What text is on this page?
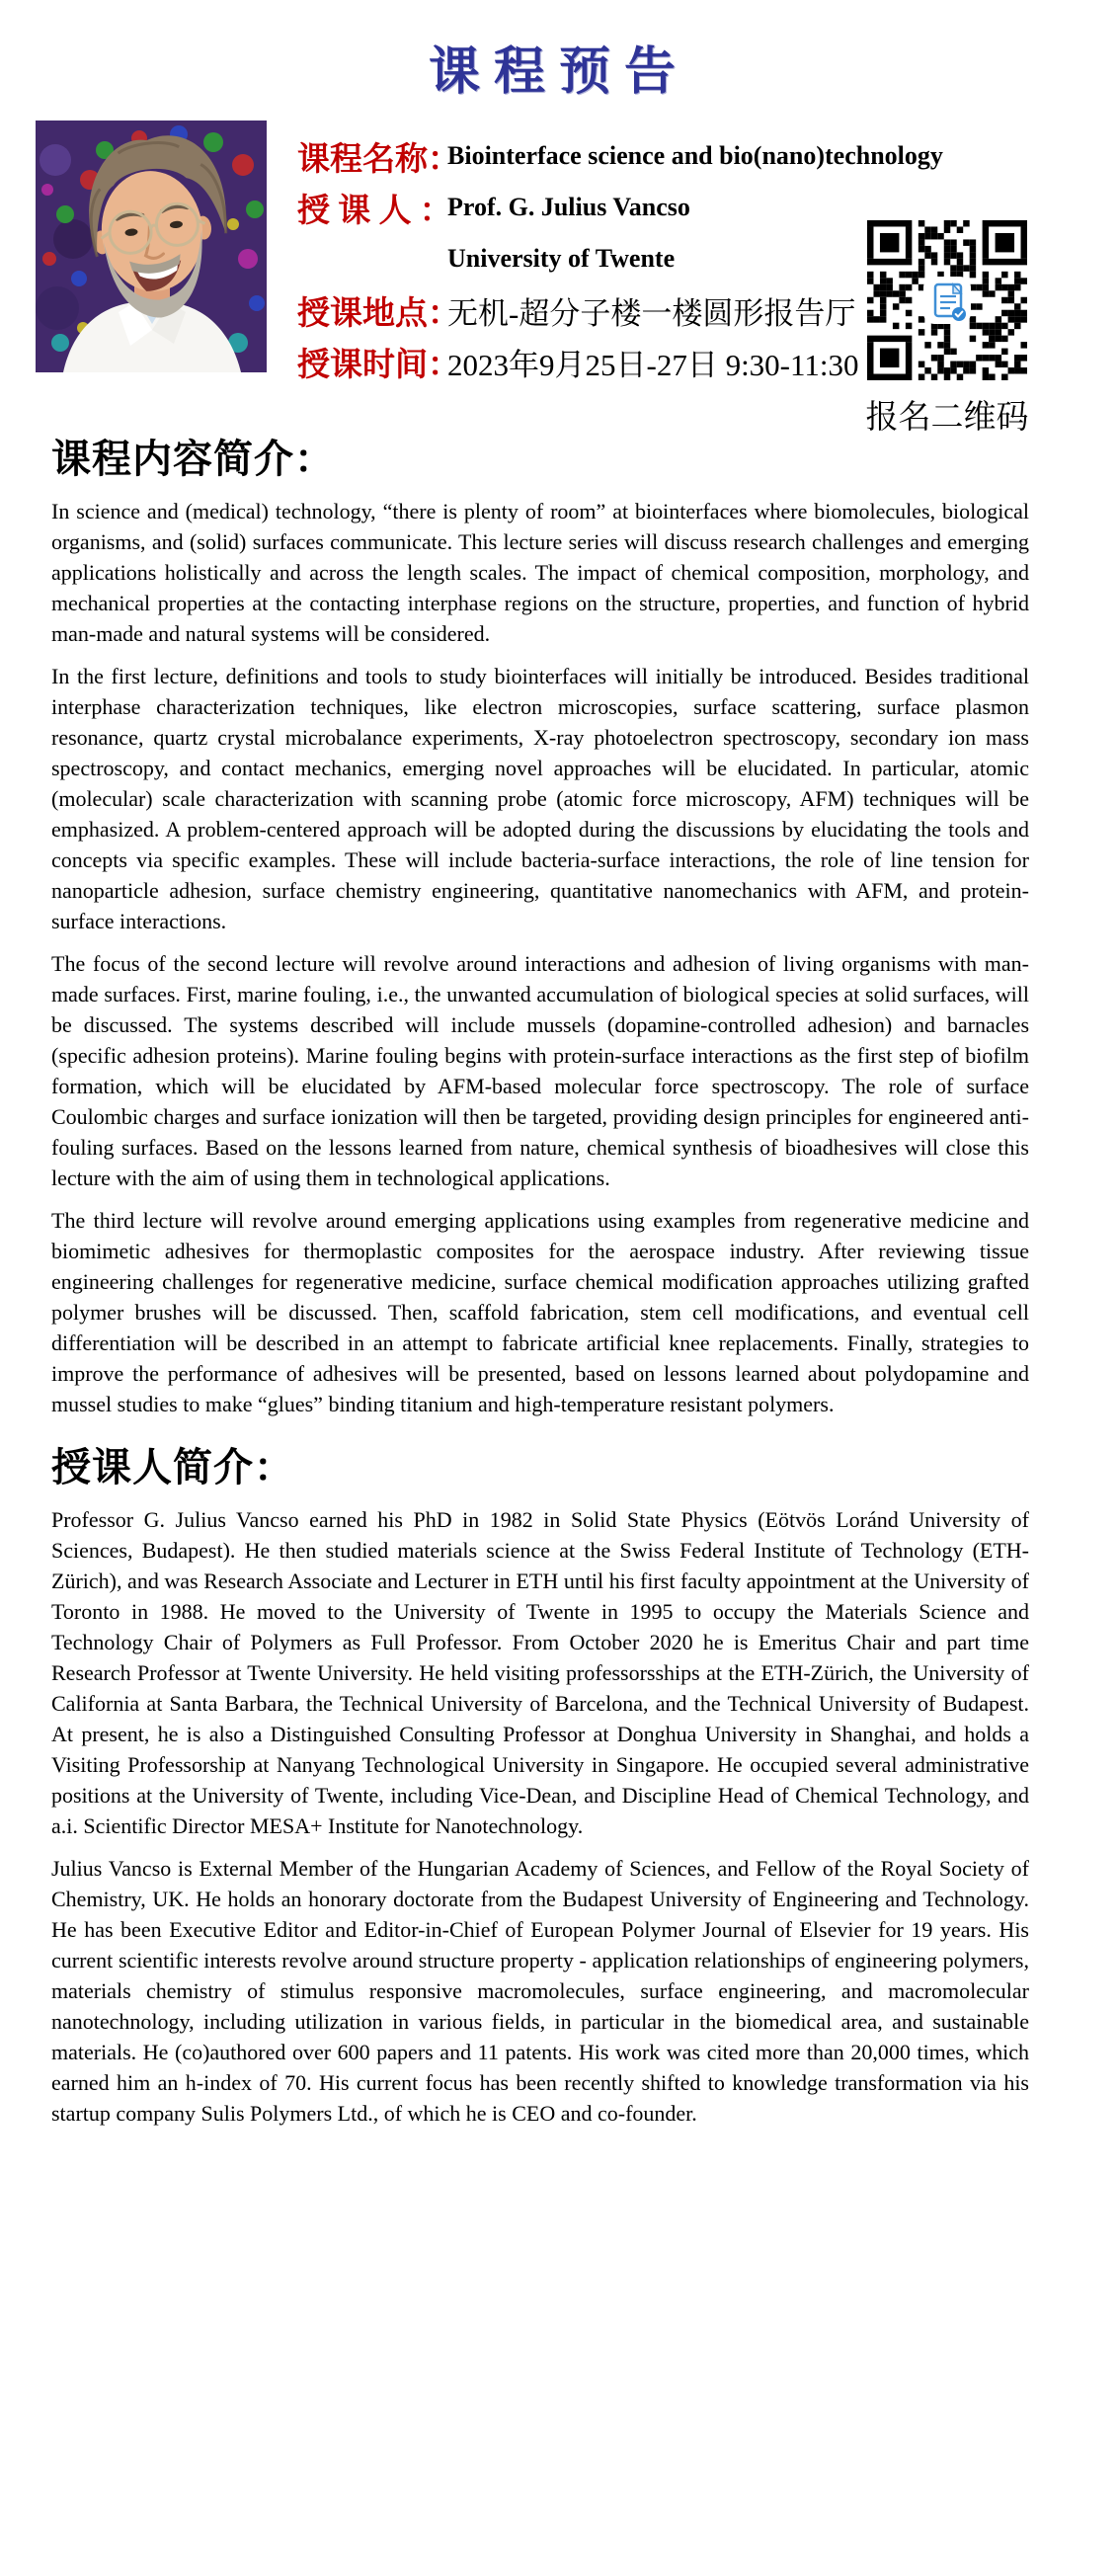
课程预告
课程名称：
Biointerface science and bio(nano)technology
授 课 人 ：
Prof. G. Julius Vancso
University of Twente
授课地点：
无机-超分子楼一楼圆形报告厅
授课时间：
2023年9月25日-27日 9:30-11:30
报名二维码
课程内容简介：

In science and (medical) technology, “there is plenty of room” at biointerfaces where biomolecules, biological organisms, and (solid) surfaces communicate. This lecture series will discuss research challenges and emerging applications holistically and across the length scales. The impact of chemical composition, morphology, and mechanical properties at the contacting interphase regions on the structure, properties, and function of hybrid man-made and natural systems will be considered.

In the first lecture, definitions and tools to study biointerfaces will initially be introduced. Besides traditional interphase characterization techniques, like electron microscopies, surface scattering, surface plasmon resonance, quartz crystal microbalance experiments, X-ray photoelectron spectroscopy, secondary ion mass spectroscopy, and contact mechanics, emerging novel approaches will be elucidated. In particular, atomic (molecular) scale characterization with scanning probe (atomic force microscopy, AFM) techniques will be emphasized. A problem-centered approach will be adopted during the discussions by elucidating the tools and concepts via specific examples. These will include bacteria-surface interactions, the role of line tension for nanoparticle adhesion, surface chemistry engineering, quantitative nanomechanics with AFM, and protein-surface interactions.

The focus of the second lecture will revolve around interactions and adhesion of living organisms with man-made surfaces. First, marine fouling, i.e., the unwanted accumulation of biological species at solid surfaces, will be discussed. The systems described will include mussels (dopamine-controlled adhesion) and barnacles (specific adhesion proteins). Marine fouling begins with protein-surface interactions as the first step of biofilm formation, which will be elucidated by AFM-based molecular force spectroscopy. The role of surface Coulombic charges and surface ionization will then be targeted, providing design principles for engineered anti-fouling surfaces. Based on the lessons learned from nature, chemical synthesis of bioadhesives will close this lecture with the aim of using them in technological applications.

The third lecture will revolve around emerging applications using examples from regenerative medicine and biomimetic adhesives for thermoplastic composites for the aerospace industry. After reviewing tissue engineering challenges for regenerative medicine, surface chemical modification approaches utilizing grafted polymer brushes will be discussed. Then, scaffold fabrication, stem cell modifications, and eventual cell differentiation will be described in an attempt to fabricate artificial knee replacements. Finally, strategies to improve the performance of adhesives will be presented, based on lessons learned about polydopamine and mussel studies to make “glues” binding titanium and high-temperature resistant polymers.

授课人简介：

Professor G. Julius Vancso earned his PhD in 1982 in Solid State Physics (Eötvös Loránd University of Sciences, Budapest). He then studied materials science at the Swiss Federal Institute of Technology (ETH-Zürich), and was Research Associate and Lecturer in ETH until his first faculty appointment at the University of Toronto in 1988. He moved to the University of Twente in 1995 to occupy the Materials Science and Technology Chair of Polymers as Full Professor. From October 2020 he is Emeritus Chair and part time Research Professor at Twente University. He held visiting professorsships at the ETH-Zürich, the University of California at Santa Barbara, the Technical University of Barcelona, and the Technical University of Budapest. At present, he is also a Distinguished Consulting Professor at Donghua University in Shanghai, and holds a Visiting Professorship at Nanyang Technological University in Singapore. He occupied several administrative positions at the University of Twente, including Vice-Dean, and Discipline Head of Chemical Technology, and a.i. Scientific Director MESA+ Institute for Nanotechnology.

Julius Vancso is External Member of the Hungarian Academy of Sciences, and Fellow of the Royal Society of Chemistry, UK. He holds an honorary doctorate from the Budapest University of Engineering and Technology. He has been Executive Editor and Editor-in-Chief of European Polymer Journal of Elsevier for 19 years. His current scientific interests revolve around structure property - application relationships of engineering polymers, materials chemistry of stimulus responsive macromolecules, surface engineering, and macromolecular nanotechnology, including utilization in various fields, in particular in the biomedical area, and sustainable materials. He (co)authored over 600 papers and 11 patents. His work was cited more than 20,000 times, which earned him an h-index of 70. His current focus has been recently shifted to knowledge transformation via his startup company Sulis Polymers Ltd., of which he is CEO and co-founder.
